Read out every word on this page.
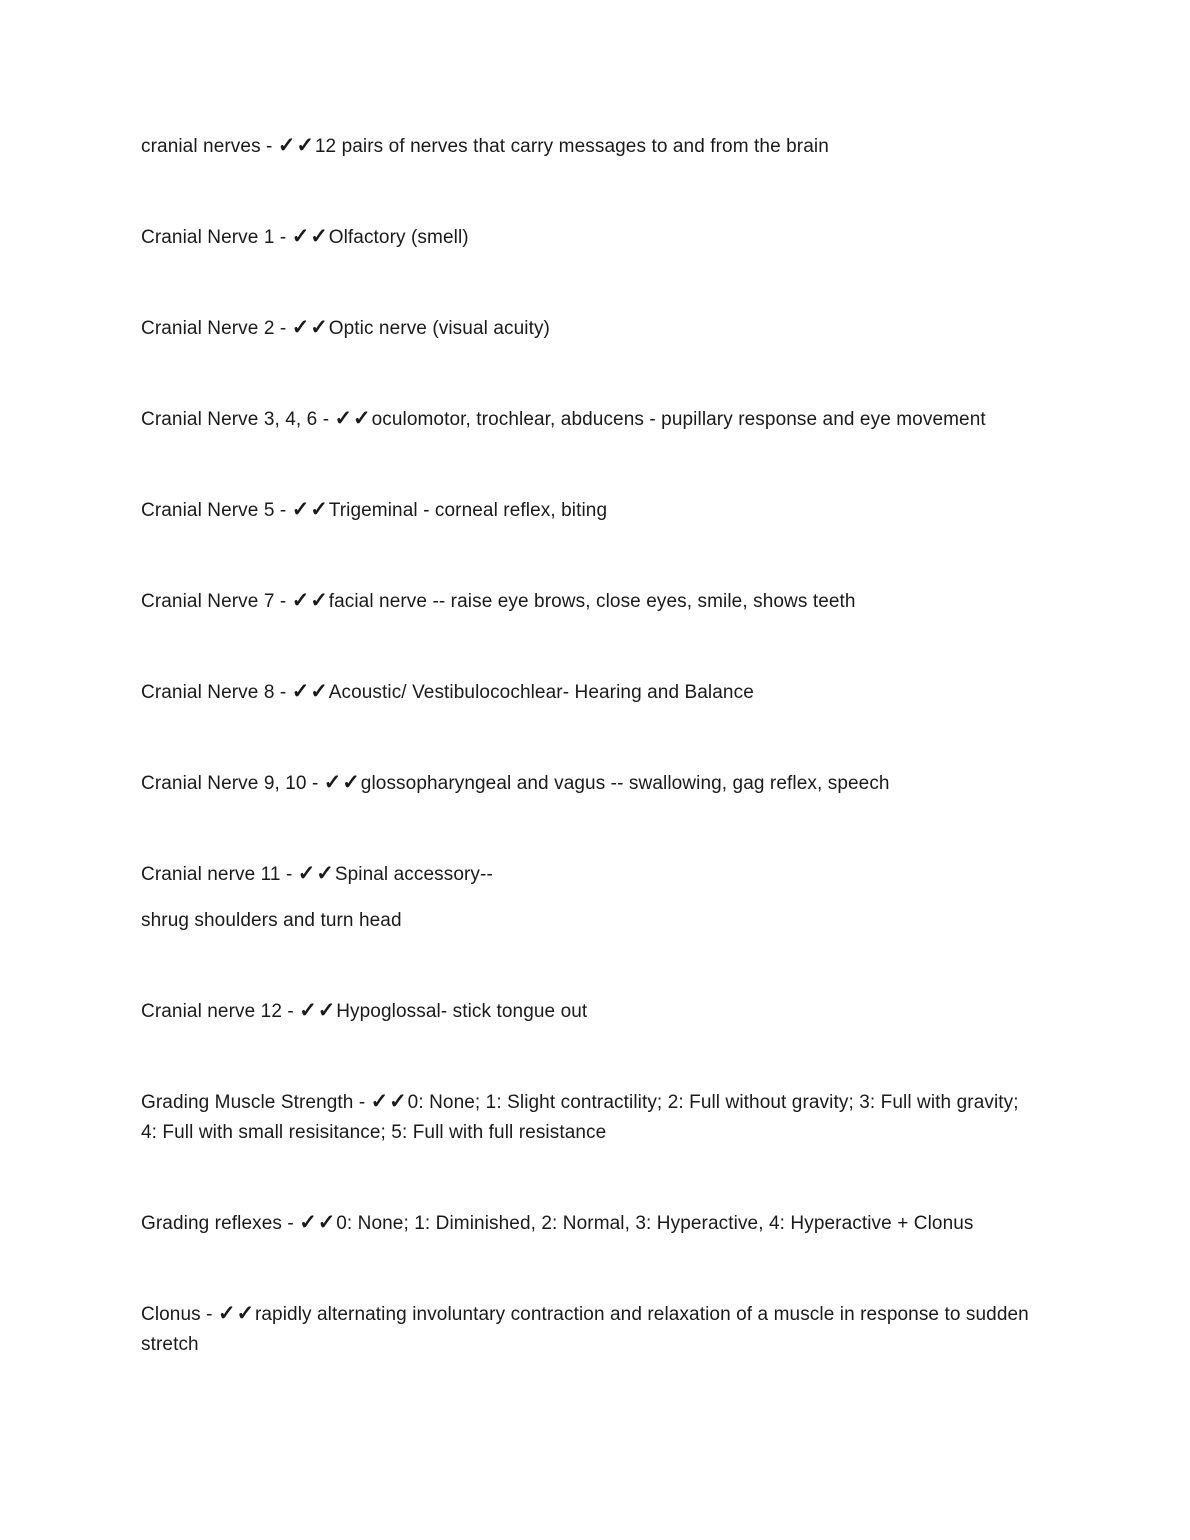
cranial nerves - ✓✓12 pairs of nerves that carry messages to and from the brain
Cranial Nerve 1 - ✓✓Olfactory (smell)
Cranial Nerve 2 - ✓✓Optic nerve (visual acuity)
Cranial Nerve 3, 4, 6 - ✓✓oculomotor, trochlear, abducens - pupillary response and eye movement
Cranial Nerve 5 - ✓✓Trigeminal - corneal reflex, biting
Cranial Nerve 7 - ✓✓facial nerve -- raise eye brows, close eyes, smile, shows teeth
Cranial Nerve 8 - ✓✓Acoustic/ Vestibulocochlear- Hearing and Balance
Cranial Nerve 9, 10 - ✓✓glossopharyngeal and vagus -- swallowing, gag reflex, speech
Cranial nerve 11 - ✓✓Spinal accessory--
shrug shoulders and turn head
Cranial nerve 12 - ✓✓Hypoglossal- stick tongue out
Grading Muscle Strength - ✓✓0: None; 1: Slight contractility; 2: Full without gravity; 3: Full with gravity;
4: Full with small resisitance; 5: Full with full resistance
Grading reflexes - ✓✓0: None; 1: Diminished, 2: Normal, 3: Hyperactive, 4: Hyperactive + Clonus
Clonus - ✓✓rapidly alternating involuntary contraction and relaxation of a muscle in response to sudden
stretch
